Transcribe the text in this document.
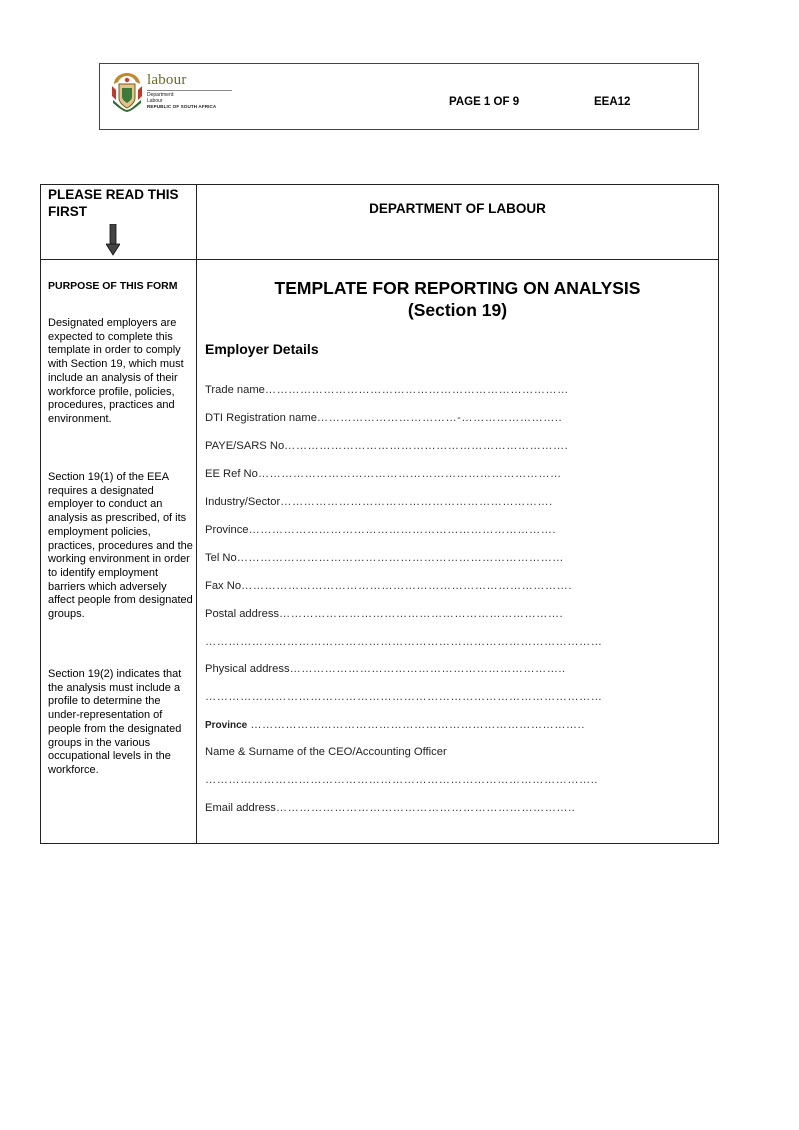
labour
Department:
Labour
REPUBLIC OF SOUTH AFRICA	PAGE 1 OF 9	EEA12
PLEASE READ THIS FIRST	DEPARTMENT OF LABOUR
PURPOSE OF THIS FORM
Designated employers are expected to complete this template in order to comply with Section 19, which must include an analysis of their workforce profile, policies, procedures, practices and environment.
Section 19(1) of the EEA requires a designated employer to conduct an analysis as prescribed, of its employment policies, practices, procedures and the working environment in order to identify employment barriers which adversely affect people from designated groups.
Section 19(2) indicates that the analysis must include a profile to determine the under-representation of people from the designated groups in the various occupational levels in the workforce.
TEMPLATE FOR REPORTING ON ANALYSIS
(Section 19)
Employer Details
Trade name……………………………………………………………………
DTI Registration name………………………………-……………………..
PAYE/SARS No……………………………………………………………….
EE Ref No……………………………………………………………………
Industry/Sector…………………………………………………………….
Province…………………………………………………………………….
Tel No…………………………………………………………………………
Fax No………………………………………………………………………….
Postal address……………………………………………………………….
…………………………………………………………………………………………
Physical address……………………………………………………………..
…………………………………………………………………………………………
Province …………………………………………………………………………..
Name & Surname of the CEO/Accounting Officer
………………………………………………………………………………………..
Email address…………………………………………………………………..
